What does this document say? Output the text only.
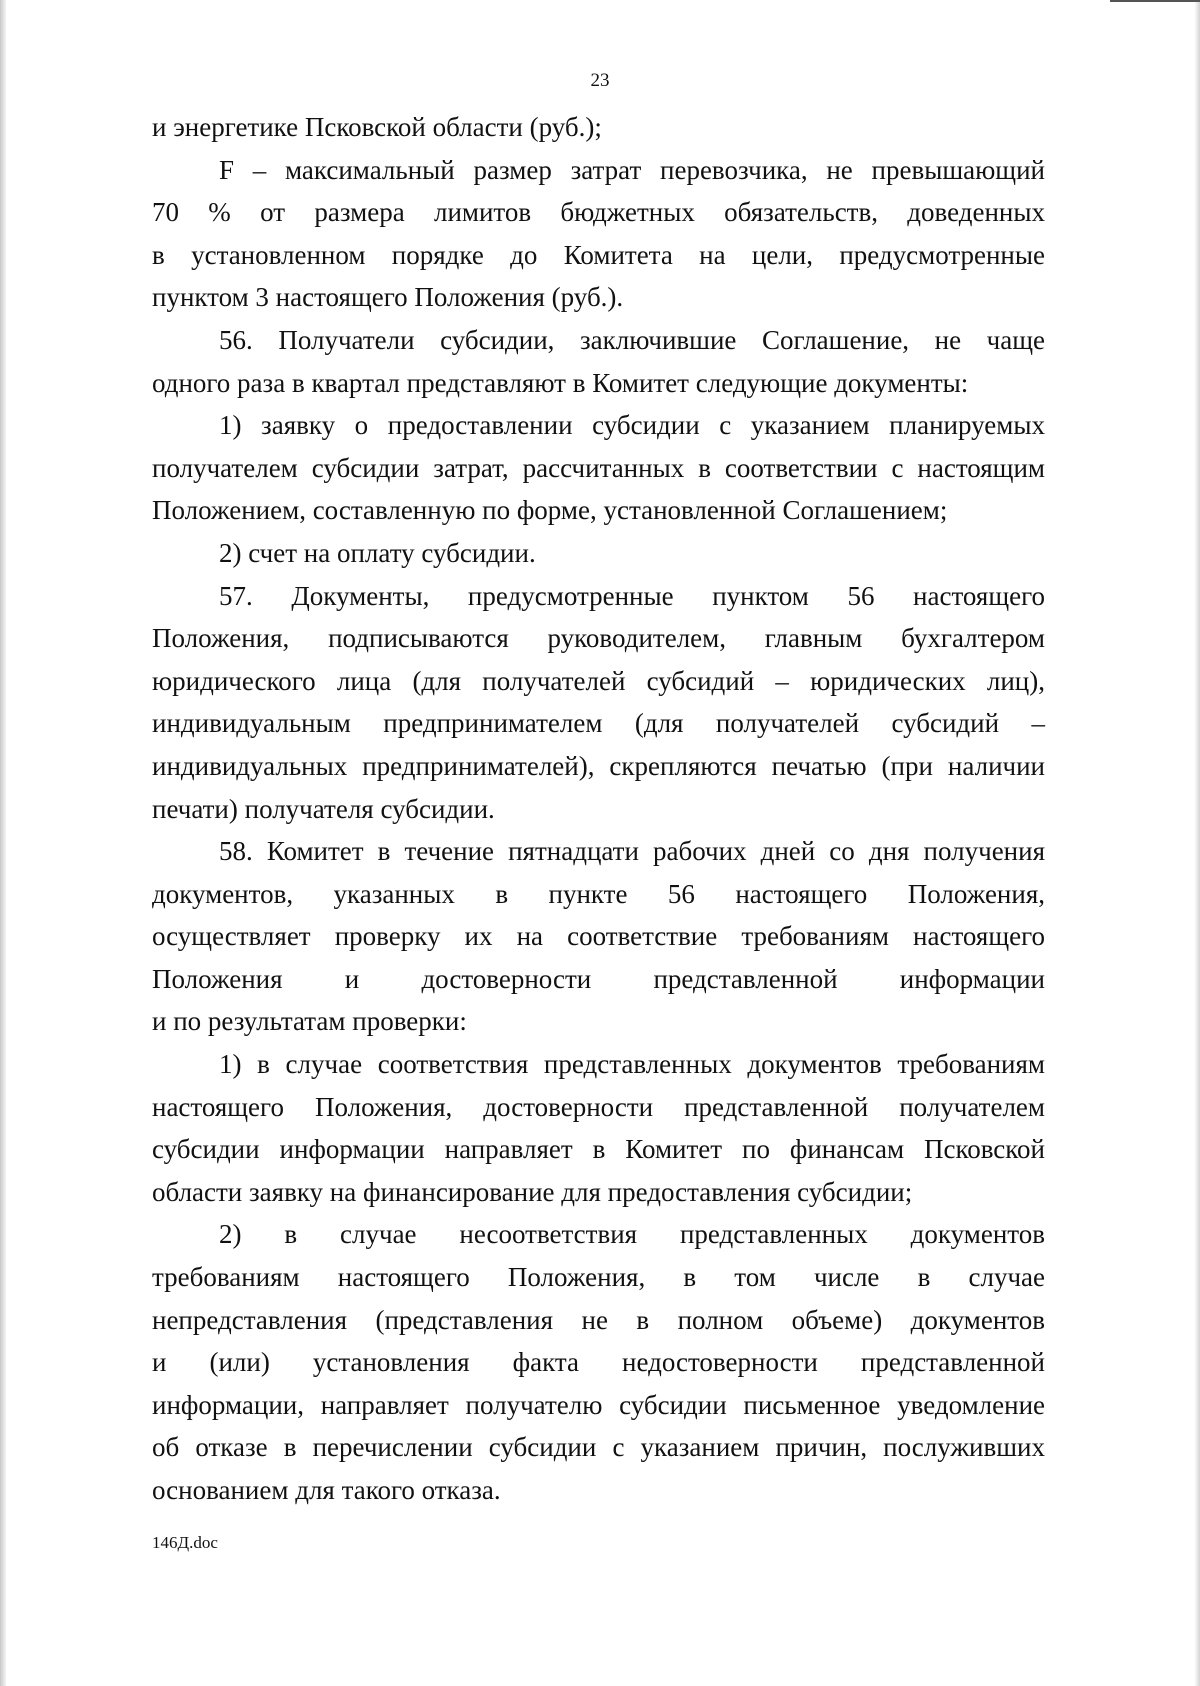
23
и энергетике Псковской области (руб.);
F – максимальный размер затрат перевозчика, не превышающий
70 % от размера лимитов бюджетных обязательств, доведенных
в установленном порядке до Комитета на цели, предусмотренные
пунктом 3 настоящего Положения (руб.).
56. Получатели субсидии, заключившие Соглашение, не чаще
одного раза в квартал представляют в Комитет следующие документы:
1) заявку о предоставлении субсидии с указанием планируемых
получателем субсидии затрат, рассчитанных в соответствии с настоящим
Положением, составленную по форме, установленной Соглашением;
2) счет на оплату субсидии.
57. Документы, предусмотренные пунктом 56 настоящего
Положения, подписываются руководителем, главным бухгалтером
юридического лица (для получателей субсидий – юридических лиц),
индивидуальным предпринимателем (для получателей субсидий –
индивидуальных предпринимателей), скрепляются печатью (при наличии
печати) получателя субсидии.
58. Комитет в течение пятнадцати рабочих дней со дня получения
документов, указанных в пункте 56 настоящего Положения,
осуществляет проверку их на соответствие требованиям настоящего
Положения и достоверности представленной информации
и по результатам проверки:
1) в случае соответствия представленных документов требованиям
настоящего Положения, достоверности представленной получателем
субсидии информации направляет в Комитет по финансам Псковской
области заявку на финансирование для предоставления субсидии;
2) в случае несоответствия представленных документов
требованиям настоящего Положения, в том числе в случае
непредставления (представления не в полном объеме) документов
и (или) установления факта недостоверности представленной
информации, направляет получателю субсидии письменное уведомление
об отказе в перечислении субсидии с указанием причин, послуживших
основанием для такого отказа.
146Д.doc
